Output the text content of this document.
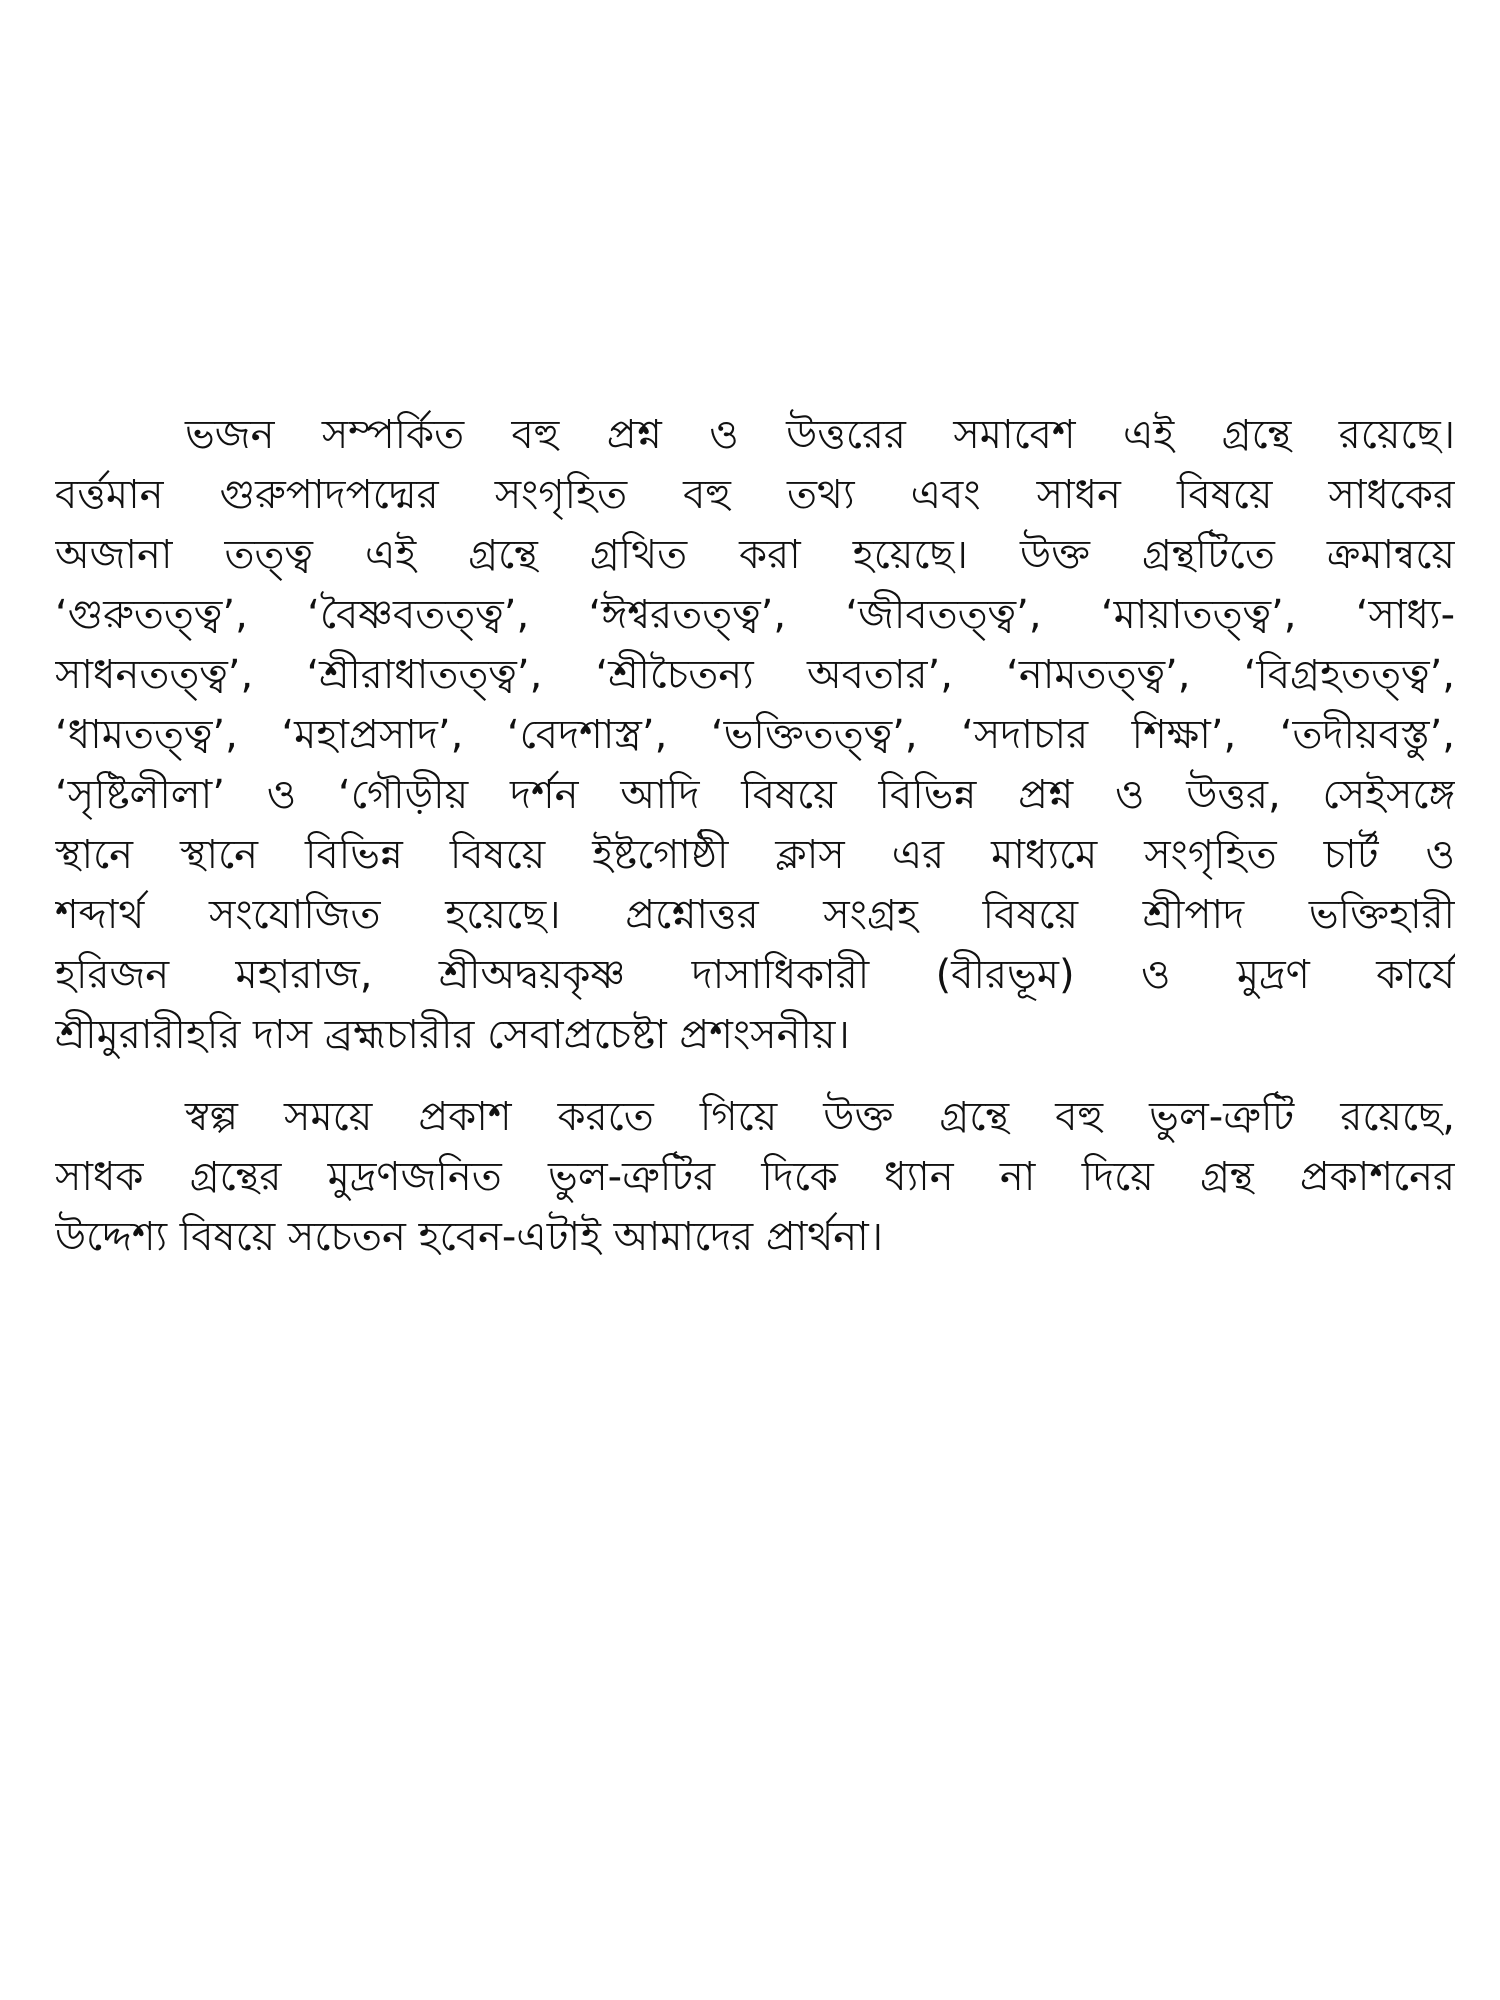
ভজন সম্পর্কিত বহু প্রশ্ন ও উত্তরের সমাবেশ এই গ্রন্থে রয়েছে।
বর্ত্তমান গুরুপাদপদ্মের সংগৃহিত বহু তথ্য এবং সাধন বিষয়ে সাধকের
অজানা তত্ত্ব এই গ্রন্থে গ্রথিত করা হয়েছে। উক্ত গ্রন্থটিতে ক্রমান্বয়ে
‘গুরুতত্ত্ব’, ‘বৈষ্ণবতত্ত্ব’, ‘ঈশ্বরতত্ত্ব’, ‘জীবতত্ত্ব’, ‘মায়াতত্ত্ব’, ‘সাধ্য-
সাধনতত্ত্ব’, ‘শ্রীরাধাতত্ত্ব’, ‘শ্রীচৈতন্য অবতার’, ‘নামতত্ত্ব’, ‘বিগ্রহতত্ত্ব’,
‘ধামতত্ত্ব’, ‘মহাপ্রসাদ’, ‘বেদশাস্ত্র’, ‘ভক্তিতত্ত্ব’, ‘সদাচার শিক্ষা’, ‘তদীয়বস্তু’,
‘সৃষ্টিলীলা’ ও ‘গৌড়ীয় দর্শন আদি বিষয়ে বিভিন্ন প্রশ্ন ও উত্তর, সেইসঙ্গে
স্থানে স্থানে বিভিন্ন বিষয়ে ইষ্টগোষ্ঠী ক্লাস এর মাধ্যমে সংগৃহিত চার্ট ও
শব্দার্থ সংযোজিত হয়েছে। প্রশ্নোত্তর সংগ্রহ বিষয়ে শ্রীপাদ ভক্তিহারী
হরিজন মহারাজ, শ্রীঅদ্বয়কৃষ্ণ দাসাধিকারী (বীরভূম) ও মুদ্রণ কার্যে
শ্রীমুরারীহরি দাস ব্রহ্মচারীর সেবাপ্রচেষ্টা প্রশংসনীয়।
স্বল্প সময়ে প্রকাশ করতে গিয়ে উক্ত গ্রন্থে বহু ভুল-ত্রুটি রয়েছে,
সাধক গ্রন্থের মুদ্রণজনিত ভুল-ত্রুটির দিকে ধ্যান না দিয়ে গ্রন্থ প্রকাশনের
উদ্দেশ্য বিষয়ে সচেতন হবেন-এটাই আমাদের প্রার্থনা।
